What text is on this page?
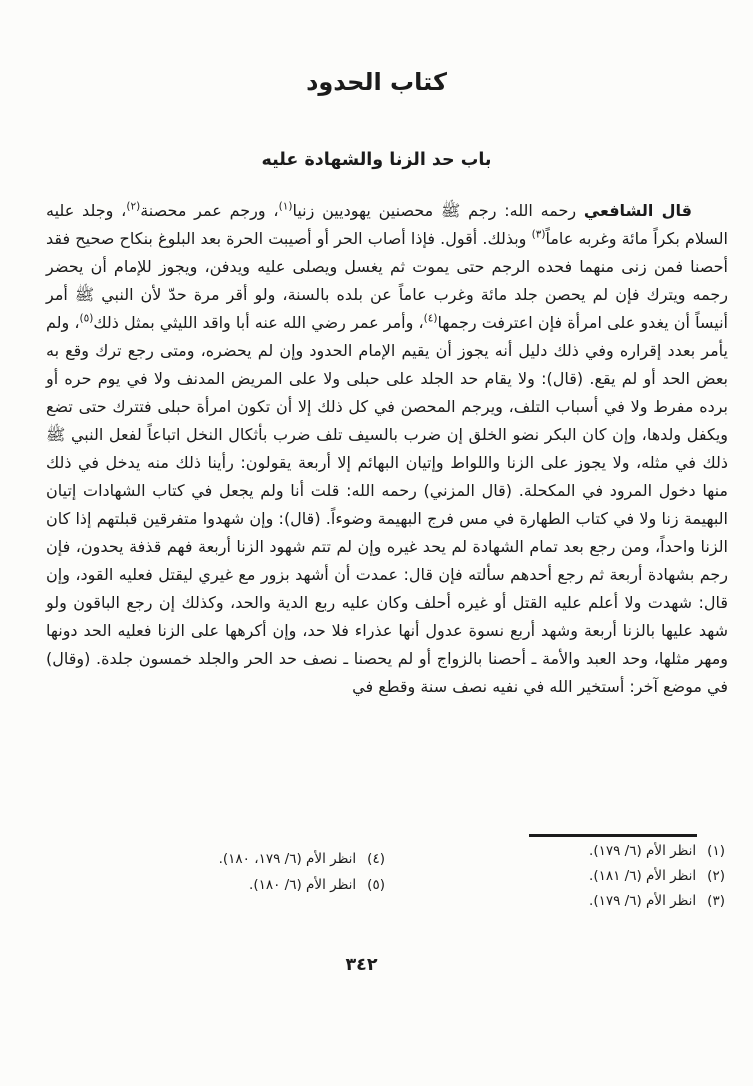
كتاب الحدود
باب حد الزنا والشهادة عليه

قال الشافعي رحمه الله: رجم ﷺ محصنين يهوديين زنيا$^{(١)}$، ورجم عمر محصنة$^{(٢)}$، وجلد عليه السلام بكراً مائة وغربه عاماً$^{(٣)}$ وبذلك. أقول. فإذا أصاب الحر أو أصيبت الحرة بعد البلوغ بنكاح صحيح فقد أحصنا فمن زنى منهما فحده الرجم حتى يموت ثم يغسل ويصلى عليه ويدفن، ويجوز للإمام أن يحضر رجمه ويترك فإن لم يحصن جلد مائة وغرب عاماً عن بلده بالسنة، ولو أقر مرة حدّ لأن النبي ﷺ أمر أنيساً أن يغدو على امرأة فإن اعترفت رجمها$^{(٤)}$، وأمر عمر رضي الله عنه أبا واقد الليثي بمثل ذلك$^{(٥)}$، ولم يأمر بعدد إقراره وفي ذلك دليل أنه يجوز أن يقيم الإمام الحدود وإن لم يحضره، ومتى رجع ترك وقع به بعض الحد أو لم يقع. (قال): ولا يقام حد الجلد على حبلى ولا على المريض المدنف ولا في يوم حره أو برده مفرط ولا في أسباب التلف، ويرجم المحصن في كل ذلك إلا أن تكون امرأة حبلى فتترك حتى تضع ويكفل ولدها، وإن كان البكر نضو الخلق إن ضرب بالسيف تلف ضرب بأثكال النخل اتباعاً لفعل النبي ﷺ ذلك في مثله، ولا يجوز على الزنا واللواط وإتيان البهائم إلا أربعة يقولون: رأينا ذلك منه يدخل في ذلك منها دخول المرود في المكحلة. (قال المزني) رحمه الله: قلت أنا ولم يجعل في كتاب الشهادات إتيان البهيمة زنا ولا في كتاب الطهارة في مس فرج البهيمة وضوءاً. (قال): وإن شهدوا متفرقين قبلتهم إذا كان الزنا واحداً، ومن رجع بعد تمام الشهادة لم يحد غيره وإن لم تتم شهود الزنا أربعة فهم قذفة يحدون، فإن رجم بشهادة أربعة ثم رجع أحدهم سألته فإن قال: عمدت أن أشهد بزور مع غيري ليقتل فعليه القود، وإن قال: شهدت ولا أعلم عليه القتل أو غيره أحلف وكان عليه ربع الدية والحد، وكذلك إن رجع الباقون ولو شهد عليها بالزنا أربعة وشهد أربع نسوة عدول أنها عذراء فلا حد، وإن أكرهها على الزنا فعليه الحد دونها ومهر مثلها، وحد العبد والأمة ـ أحصنا بالزواج أو لم يحصنا ـ نصف حد الحر والجلد خمسون جلدة. (وقال) في موضع آخر: أستخير الله في نفيه نصف سنة وقطع في

(١)
انظر الأم (٦/ ١٧٩).
(٢)
انظر الأم (٦/ ١٨١).
(٣)
انظر الأم (٦/ ١٧٩).
(٤)
انظر الأم (٦/ ١٧٩، ١٨٠).
(٥)
انظر الأم (٦/ ١٨٠).
٣٤٢
